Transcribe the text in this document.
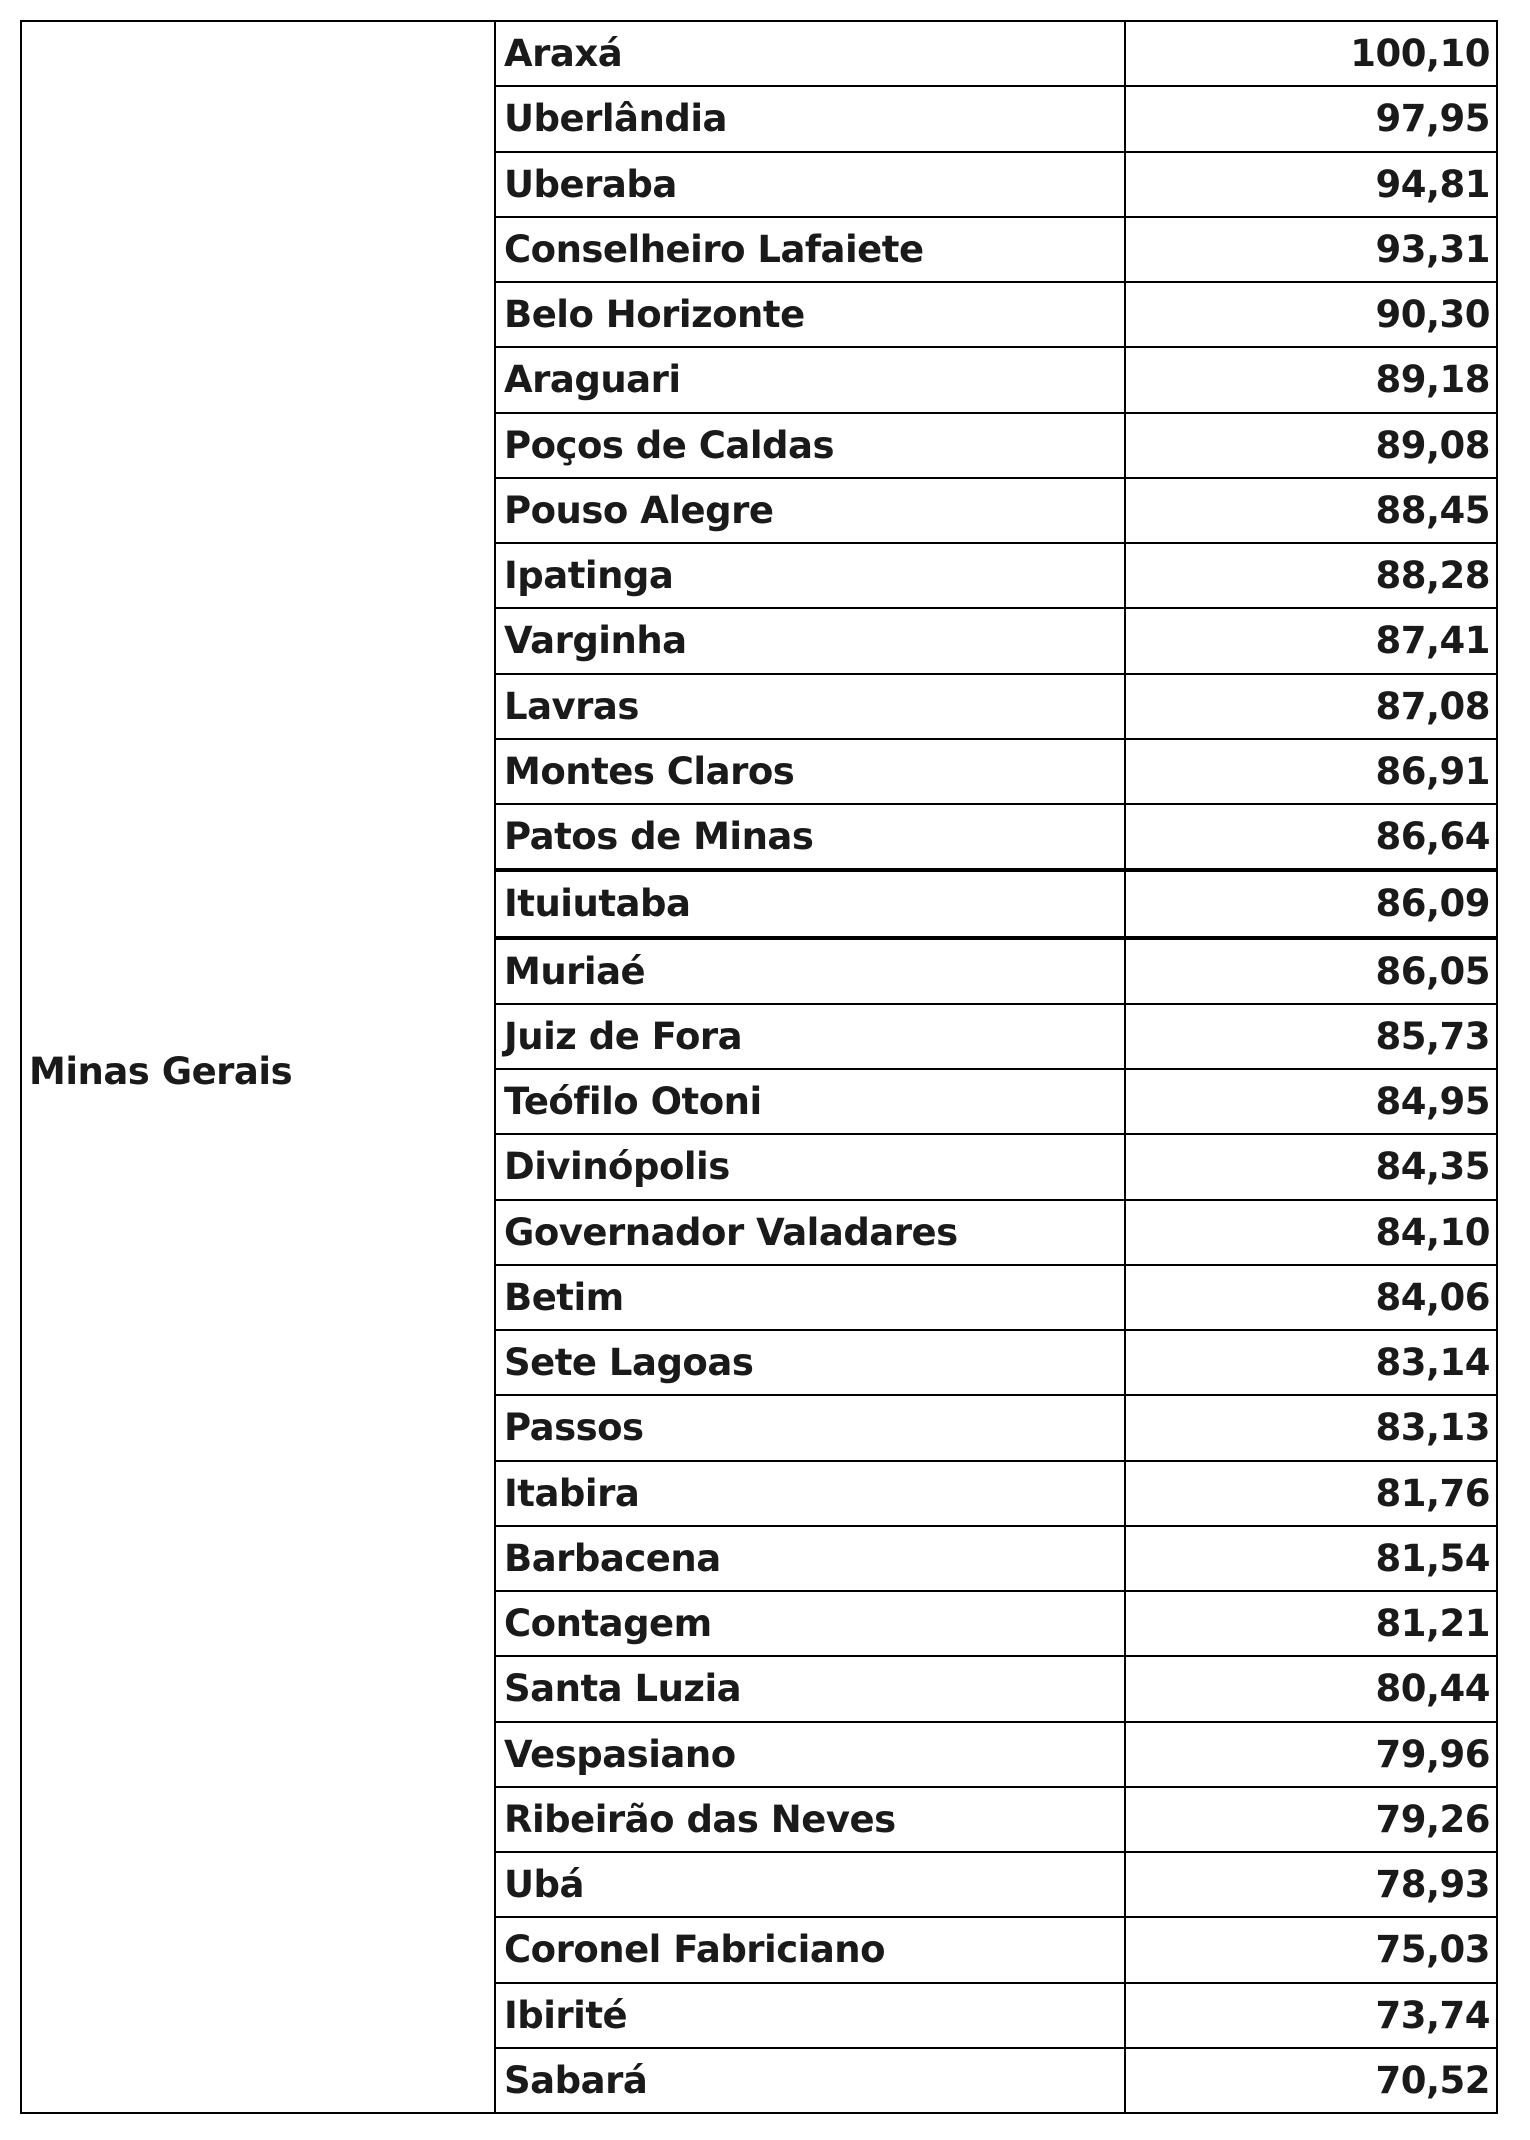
Minas Gerais
Araxá	100,10
Uberlândia	97,95
Uberaba	94,81
Conselheiro Lafaiete	93,31
Belo Horizonte	90,30
Araguari	89,18
Poços de Caldas	89,08
Pouso Alegre	88,45
Ipatinga	88,28
Varginha	87,41
Lavras	87,08
Montes Claros	86,91
Patos de Minas	86,64
Ituiutaba	86,09
Muriaé	86,05
Juiz de Fora	85,73
Teófilo Otoni	84,95
Divinópolis	84,35
Governador Valadares	84,10
Betim	84,06
Sete Lagoas	83,14
Passos	83,13
Itabira	81,76
Barbacena	81,54
Contagem	81,21
Santa Luzia	80,44
Vespasiano	79,96
Ribeirão das Neves	79,26
Ubá	78,93
Coronel Fabriciano	75,03
Ibirité	73,74
Sabará	70,52
